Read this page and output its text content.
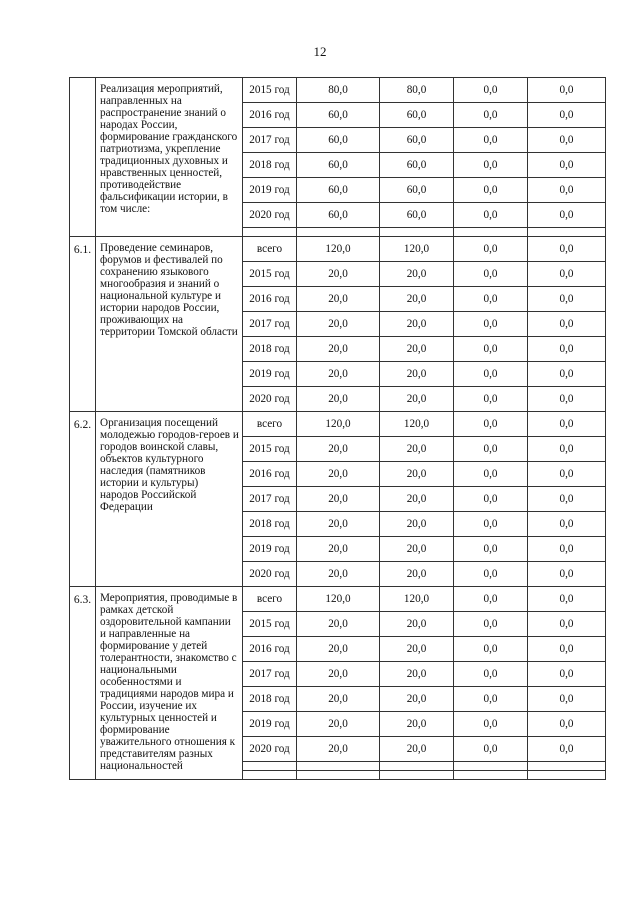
12
	Реализация мероприятий, направленных на распространение знаний о народах России, формирование гражданского патриотизма, укрепление традиционных духовных и нравственных ценностей, противодействие фальсификации истории, в том числе:	2015 год	80,0	80,0	0,0	0,0
		2016 год	60,0	60,0	0,0	0,0
		2017 год	60,0	60,0	0,0	0,0
		2018 год	60,0	60,0	0,0	0,0
		2019 год	60,0	60,0	0,0	0,0
		2020 год	60,0	60,0	0,0	0,0

6.1.	Проведение семинаров, форумов и фестивалей по сохранению языкового многообразия и знаний о национальной культуре и истории народов России, проживающих на территории Томской области	всего	120,0	120,0	0,0	0,0
		2015 год	20,0	20,0	0,0	0,0
		2016 год	20,0	20,0	0,0	0,0
		2017 год	20,0	20,0	0,0	0,0
		2018 год	20,0	20,0	0,0	0,0
		2019 год	20,0	20,0	0,0	0,0
		2020 год	20,0	20,0	0,0	0,0
6.2.	Организация посещений молодежью городов-героев и городов воинской славы, объектов культурного наследия (памятников истории и культуры) народов Российской Федерации	всего	120,0	120,0	0,0	0,0
		2015 год	20,0	20,0	0,0	0,0
		2016 год	20,0	20,0	0,0	0,0
		2017 год	20,0	20,0	0,0	0,0
		2018 год	20,0	20,0	0,0	0,0
		2019 год	20,0	20,0	0,0	0,0
		2020 год	20,0	20,0	0,0	0,0
6.3.	Мероприятия, проводимые в рамках детской оздоровительной кампании и направленные на формирование у детей толерантности, знакомство с национальными особенностями и традициями народов мира и России, изучение их культурных ценностей и формирование уважительного отношения к представителям разных национальностей	всего	120,0	120,0	0,0	0,0
		2015 год	20,0	20,0	0,0	0,0
		2016 год	20,0	20,0	0,0	0,0
		2017 год	20,0	20,0	0,0	0,0
		2018 год	20,0	20,0	0,0	0,0
		2019 год	20,0	20,0	0,0	0,0
		2020 год	20,0	20,0	0,0	0,0
